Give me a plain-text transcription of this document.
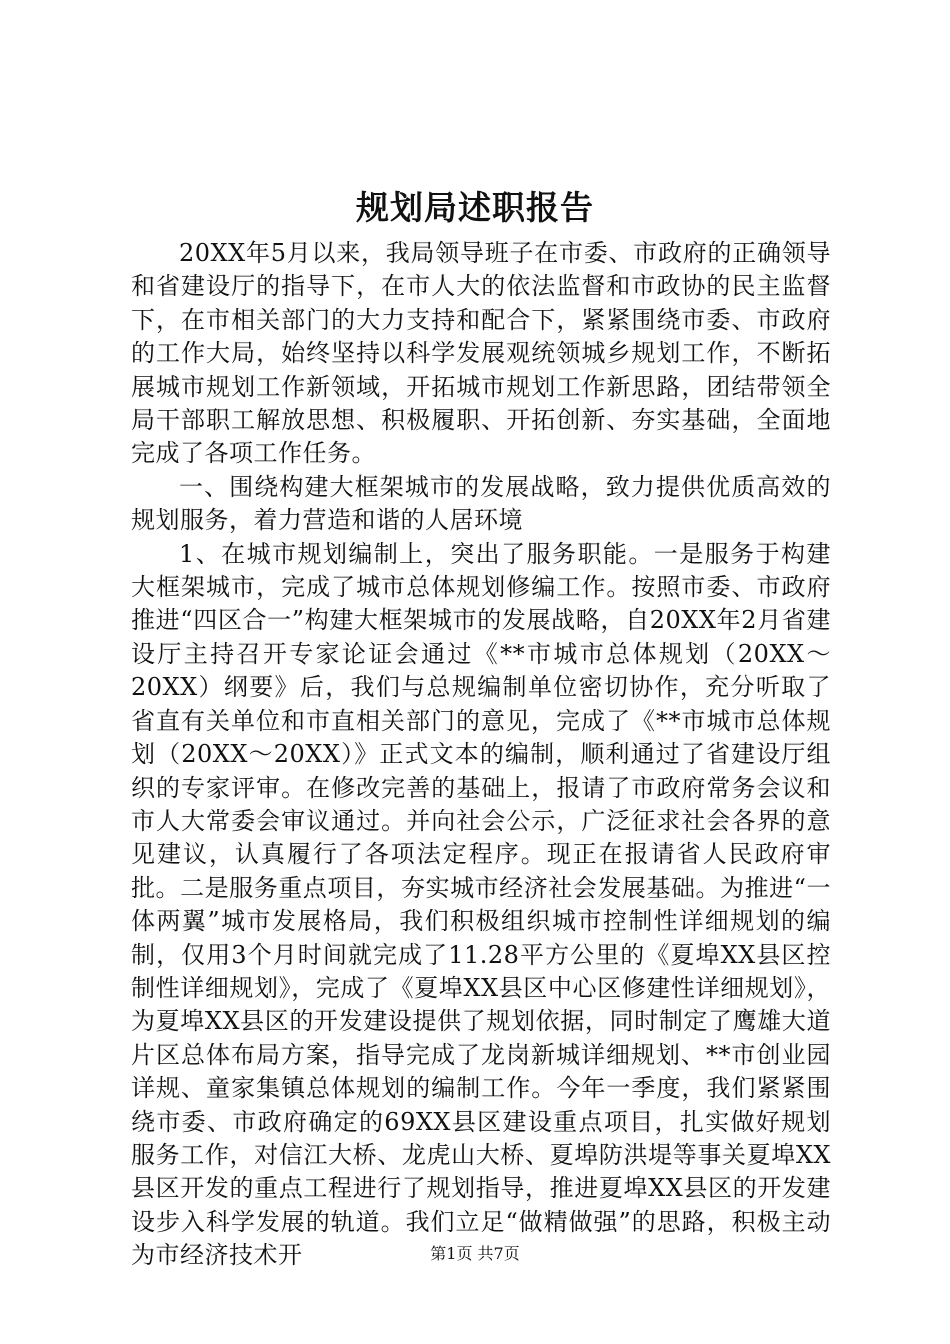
规划局述职报告

20XX年5月以来，我局领导班子在市委、市政府的正确领导和省建设厅的指导下，在市人大的依法监督和市政协的民主监督下，在市相关部门的大力支持和配合下，紧紧围绕市委、市政府的工作大局，始终坚持以科学发展观统领城乡规划工作，不断拓展城市规划工作新领域，开拓城市规划工作新思路，团结带领全局干部职工解放思想、积极履职、开拓创新、夯实基础，全面地完成了各项工作任务。

一、围绕构建大框架城市的发展战略，致力提供优质高效的规划服务，着力营造和谐的人居环境

1、在城市规划编制上，突出了服务职能。一是服务于构建大框架城市，完成了城市总体规划修编工作。按照市委、市政府推进“四区合一”构建大框架城市的发展战略，自20XX年2月省建设厅主持召开专家论证会通过《**市城市总体规划（20XX～20XX）纲要》后，我们与总规编制单位密切协作，充分听取了省直有关单位和市直相关部门的意见，完成了《**市城市总体规划（20XX～20XX）》正式文本的编制，顺利通过了省建设厅组织的专家评审。在修改完善的基础上，报请了市政府常务会议和市人大常委会审议通过。并向社会公示，广泛征求社会各界的意见建议，认真履行了各项法定程序。现正在报请省人民政府审批。二是服务重点项目，夯实城市经济社会发展基础。为推进“一体两翼”城市发展格局，我们积极组织城市控制性详细规划的编制，仅用3个月时间就完成了11.28平方公里的《夏埠XX县区控制性详细规划》，完成了《夏埠XX县区中心区修建性详细规划》，为夏埠XX县区的开发建设提供了规划依据，同时制定了鹰雄大道片区总体布局方案，指导完成了龙岗新城详细规划、**市创业园详规、童家集镇总体规划的编制工作。今年一季度，我们紧紧围绕市委、市政府确定的69XX县区建设重点项目，扎实做好规划服务工作，对信江大桥、龙虎山大桥、夏埠防洪堤等事关夏埠XX县区开发的重点工程进行了规划指导，推进夏埠XX县区的开发建设步入科学发展的轨道。我们立足“做精做强”的思路，积极主动为市经济技术开	第1页 共7页
